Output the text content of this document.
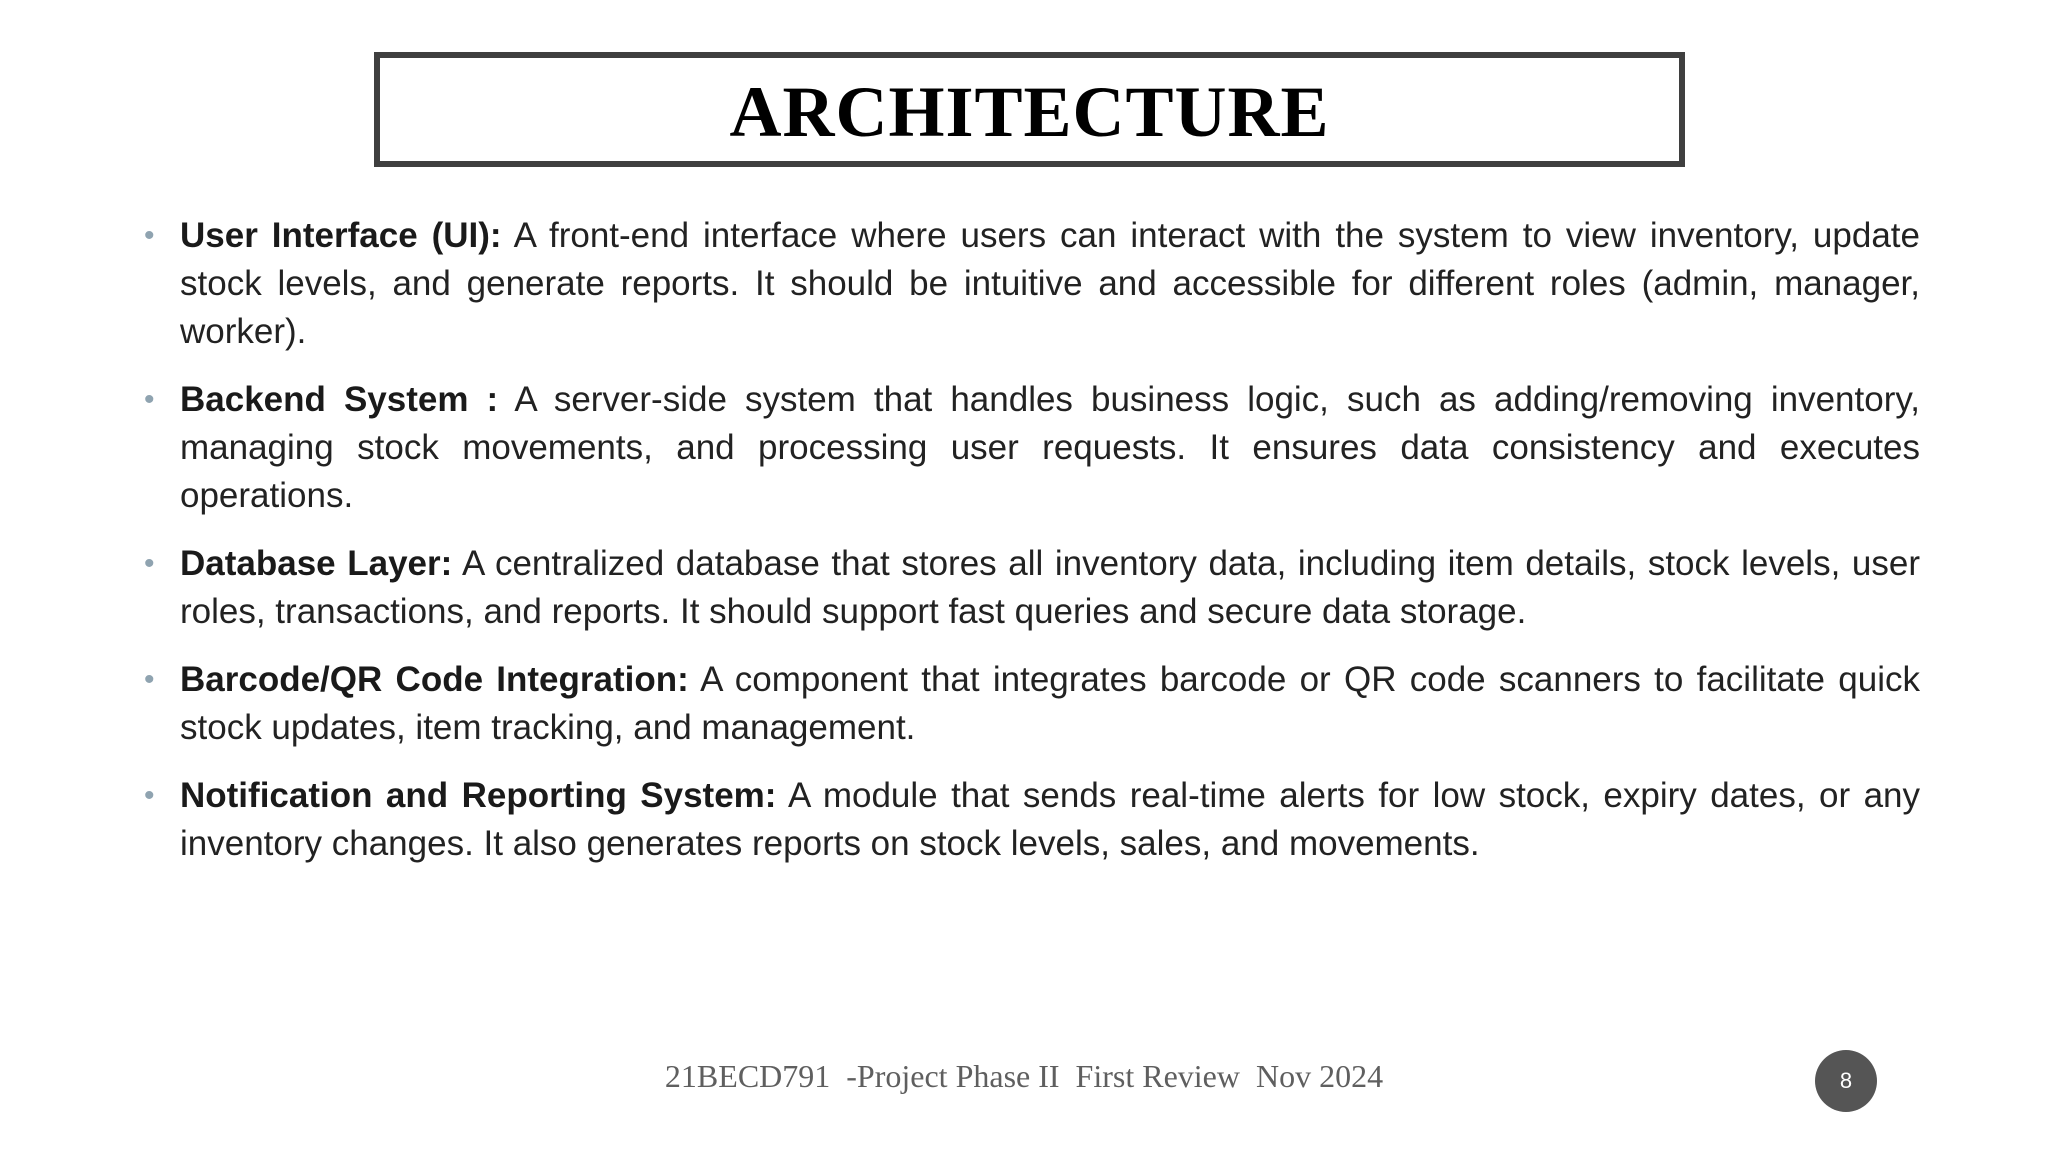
ARCHITECTURE
• User Interface (UI): A front-end interface where users can interact with the system to view inventory, update stock levels, and generate reports. It should be intuitive and accessible for different roles (admin, manager, worker).
• Backend System : A server-side system that handles business logic, such as adding/removing inventory, managing stock movements, and processing user requests. It ensures data consistency and executes operations.
• Database Layer: A centralized database that stores all inventory data, including item details, stock levels, user roles, transactions, and reports. It should support fast queries and secure data storage.
• Barcode/QR Code Integration: A component that integrates barcode or QR code scanners to facilitate quick stock updates, item tracking, and management.
• Notification and Reporting System: A module that sends real-time alerts for low stock, expiry dates, or any inventory changes. It also generates reports on stock levels, sales, and movements.
21BECD791  -Project Phase II  First Review  Nov 2024	8
